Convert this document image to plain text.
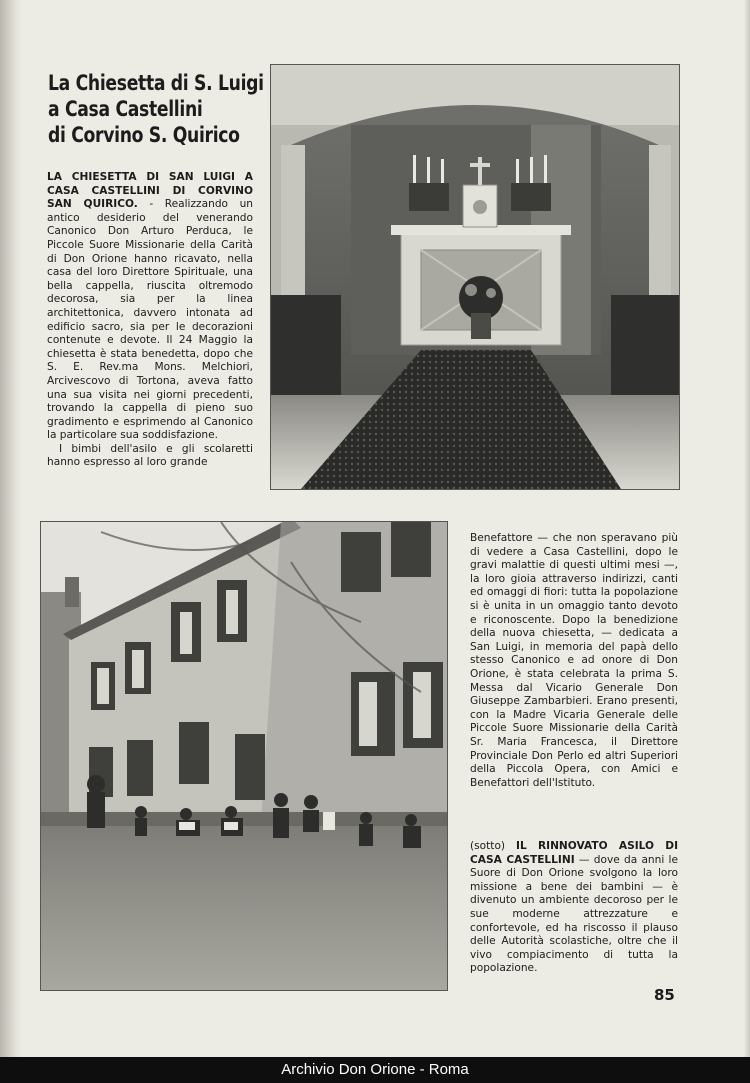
La Chiesetta di S. Luigi
a Casa Castellini
di Corvino S. Quirico

LA CHIESETTA DI SAN LUIGI A CASA CASTELLINI DI CORVINO SAN QUIRICO. - Realizzando un antico desiderio del venerando Canonico Don Arturo Perduca, le Piccole Suore Missionarie della Carità di Don Orione hanno ricavato, nella casa del loro Direttore Spirituale, una bella cappella, riuscita oltremodo decorosa, sia per la linea architettonica, davvero intonata ad edificio sacro, sia per le decorazioni contenute e devote. Il 24 Maggio la chiesetta è stata benedetta, dopo che S. E. Rev.ma Mons. Melchiori, Arcivescovo di Tortona, aveva fatto una sua visita nei giorni precedenti, trovando la cappella di pieno suo gradimento e esprimendo al Canonico la particolare sua soddisfazione.

I bimbi dell'asilo e gli scolaretti hanno espresso al loro grande

Benefattore — che non speravano più di vedere a Casa Castellini, dopo le gravi malattie di questi ultimi mesi —, la loro gioia attraverso indirizzi, canti ed omaggi di fiori: tutta la popolazione si è unita in un omaggio tanto devoto e riconoscente. Dopo la benedizione della nuova chiesetta, — dedicata a San Luigi, in memoria del papà dello stesso Canonico e ad onore di Don Orione, è stata celebrata la prima S. Messa dal Vicario Generale Don Giuseppe Zambarbieri. Erano presenti, con la Madre Vicaria Generale delle Piccole Suore Missionarie della Carità Sr. Maria Francesca, il Direttore Provinciale Don Perlo ed altri Superiori della Piccola Opera, con Amici e Benefattori dell'Istituto.

(sotto) IL RINNOVATO ASILO DI CASA CASTELLINI — dove da anni le Suore di Don Orione svolgono la loro missione a bene dei bambini — è divenuto un ambiente decoroso per le sue moderne attrezzature e confortevole, ed ha riscosso il plauso delle Autorità scolastiche, oltre che il vivo compiacimento di tutta la popolazione.

85
Archivio Don Orione - Roma
